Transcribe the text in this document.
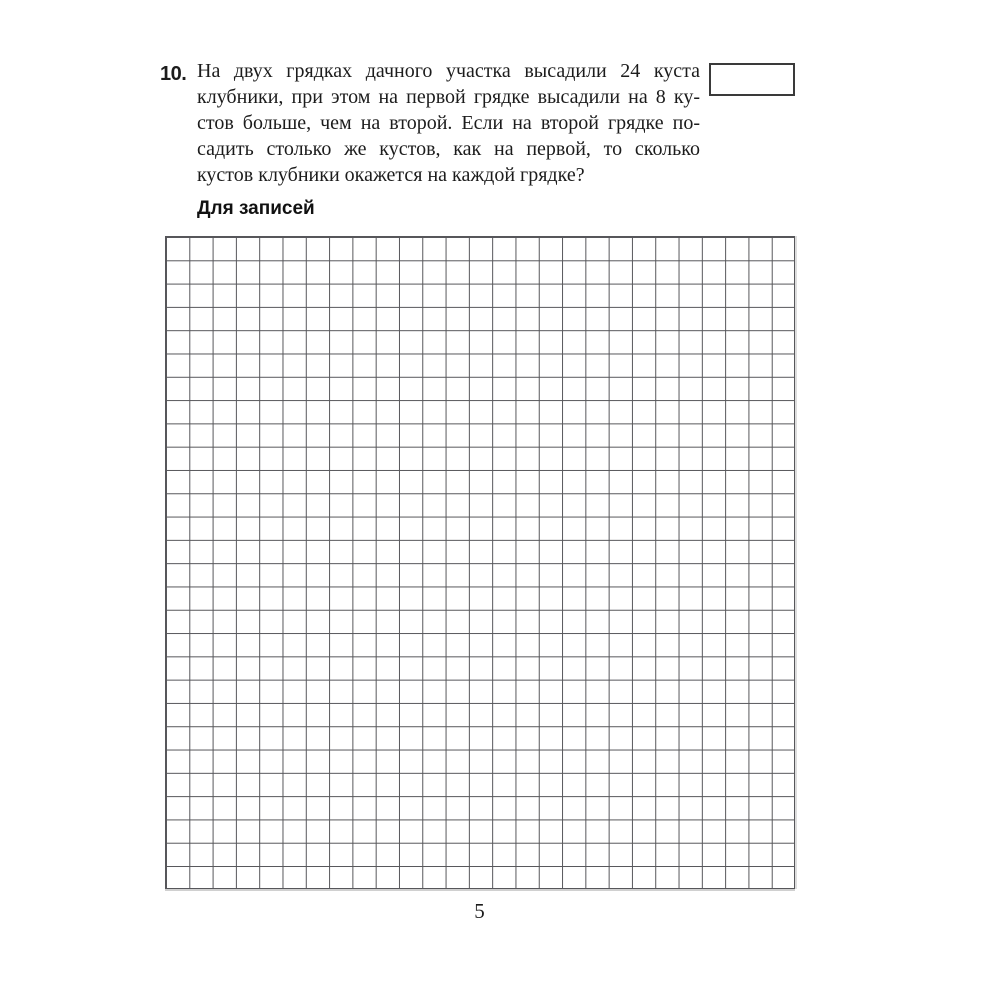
10. На двух грядках дачного участка высадили 24 куста
клубники, при этом на первой грядке высадили на 8 ку-
стов больше, чем на второй. Если на второй грядке по-
садить столько же кустов, как на первой, то сколько
кустов клубники окажется на каждой грядке?
Для записей
5
